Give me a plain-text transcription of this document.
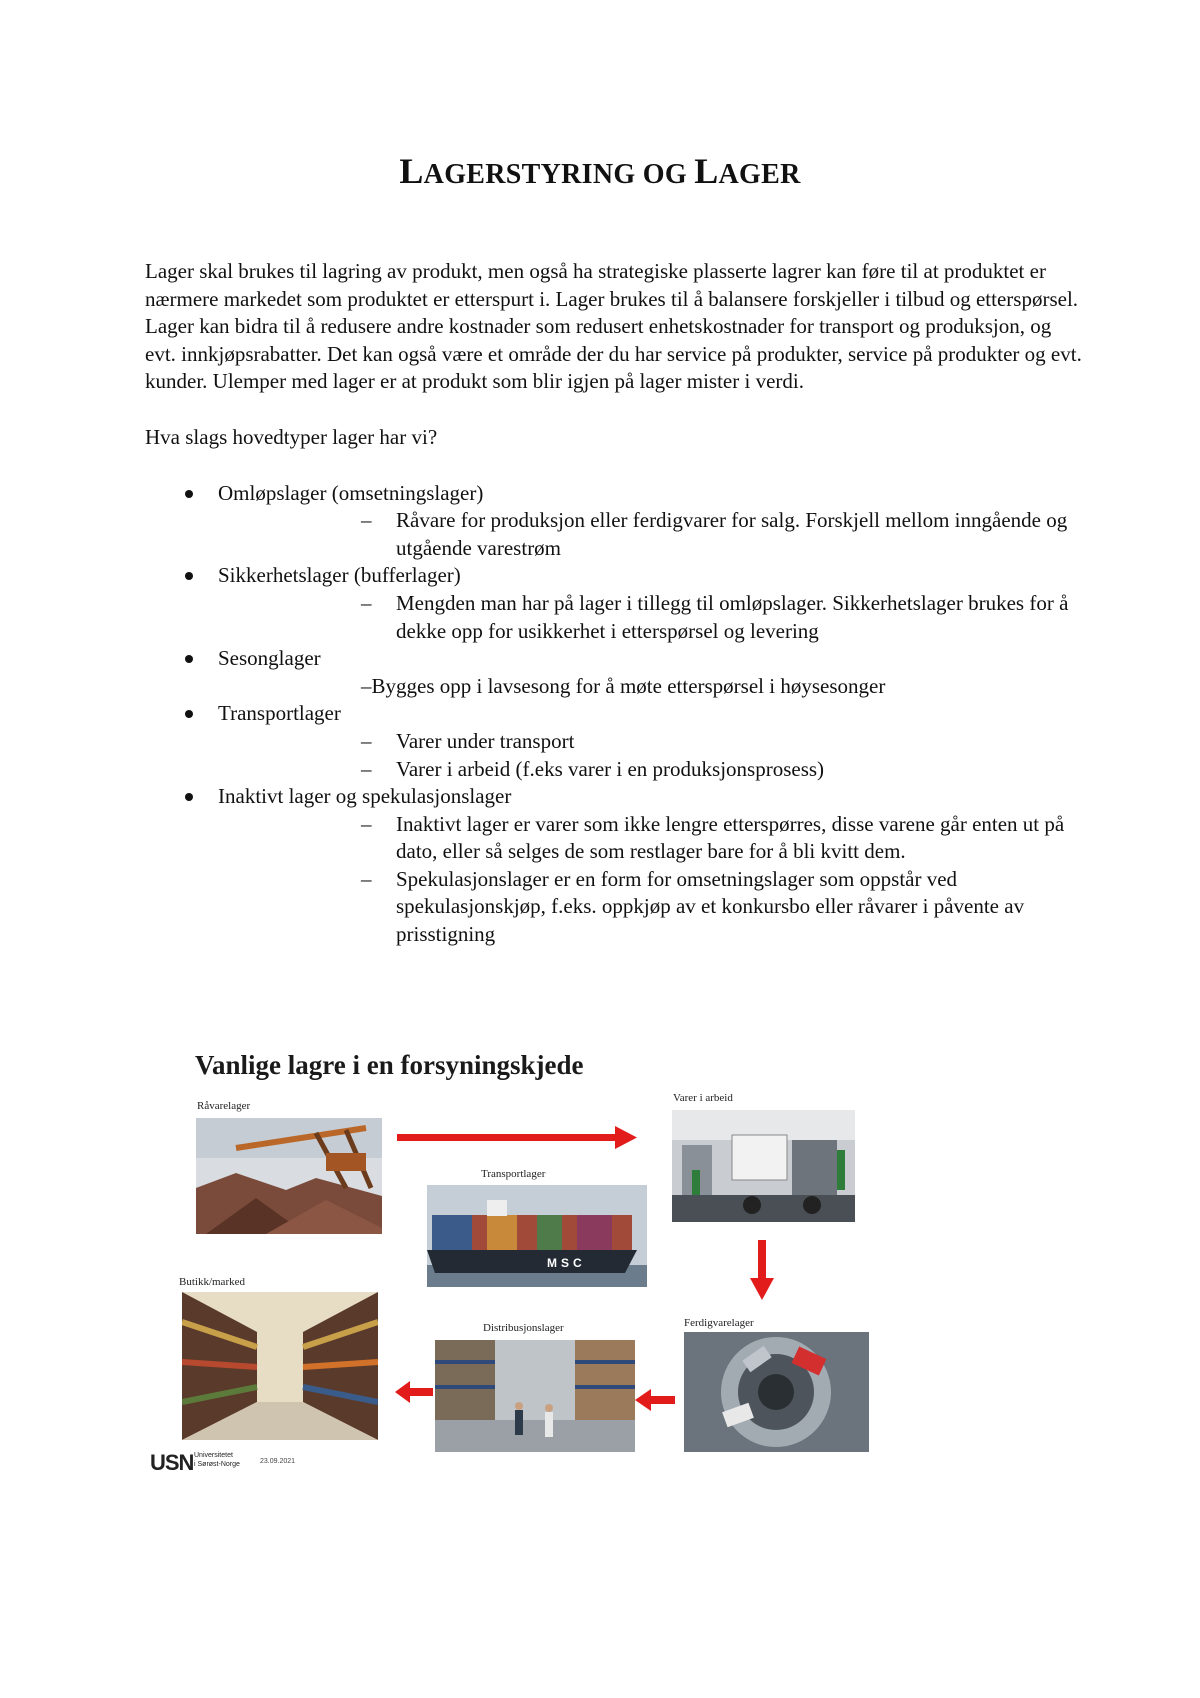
LAGERSTYRING OG LAGER

Lager skal brukes til lagring av produkt, men også ha strategiske plasserte lagrer kan føre til at produktet er nærmere markedet som produktet er etterspurt i. Lager brukes til å balansere forskjeller i tilbud og etterspørsel.

Lager kan bidra til å redusere andre kostnader som redusert enhetskostnader for transport og produksjon, og evt. innkjøpsrabatter. Det kan også være et område der du har service på produkter, service på produkter og evt. kunder. Ulemper med lager er at produkt som blir igjen på lager mister i verdi.

Hva slags hovedtyper lager har vi?

Omløpslager (omsetningslager)
– Råvare for produksjon eller ferdigvarer for salg. Forskjell mellom inngående og utgående varestrøm
Sikkerhetslager (bufferlager)
– Mengden man har på lager i tillegg til omløpslager. Sikkerhetslager brukes for å dekke opp for usikkerhet i etterspørsel og levering
Sesonglager
–Bygges opp i lavsesong for å møte etterspørsel i høysesonger
Transportlager
– Varer under transport
– Varer i arbeid (f.eks varer i en produksjonsprosess)
Inaktivt lager og spekulasjonslager
– Inaktivt lager er varer som ikke lengre etterspørres, disse varene går enten ut på dato, eller så selges de som restlager bare for å bli kvitt dem.
– Spekulasjonslager er en form for omsetningslager som oppstår ved spekulasjonskjøp, f.eks. oppkjøp av et konkursbo eller råvarer i påvente av prisstigning
Vanlige lagre i en forsyningskjede
Råvarelager
Varer i arbeid
Transportlager
MSC
Ferdigvarelager
Distribusjonslager
Butikk/marked
USN Universitetet
i Sørøst-Norge	23.09.2021
